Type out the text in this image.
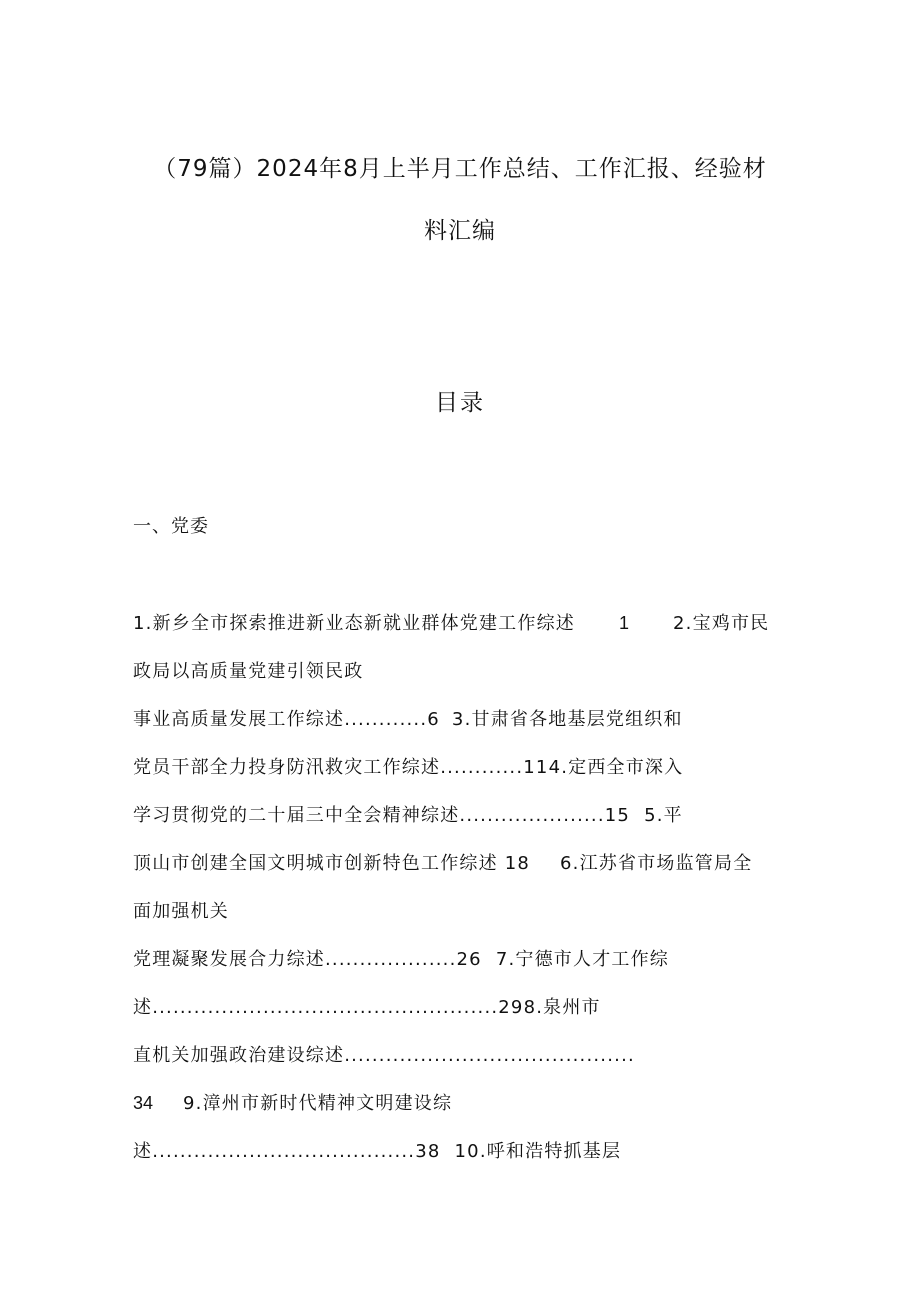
（79篇）2024年8月上半月工作总结、工作汇报、经验材
料汇编
目录
一、党委
1.新乡全市探索推进新业态新就业群体党建工作综述 1 2.宝鸡市民
政局以高质量党建引领民政
事业高质量发展工作综述............6 3.甘肃省各地基层党组织和
党员干部全力投身防汛救灾工作综述............114.定西全市深入
学习贯彻党的二十届三中全会精神综述.....................15 5.平
顶山市创建全国文明城市创新特色工作综述 18 6.江苏省市场监管局全
面加强机关
党理凝聚发展合力综述...................26 7.宁德市人才工作综
述..................................................298.泉州市
直机关加强政治建设综述..........................................
34 9.漳州市新时代精神文明建设综
述......................................38 10.呼和浩特抓基层
